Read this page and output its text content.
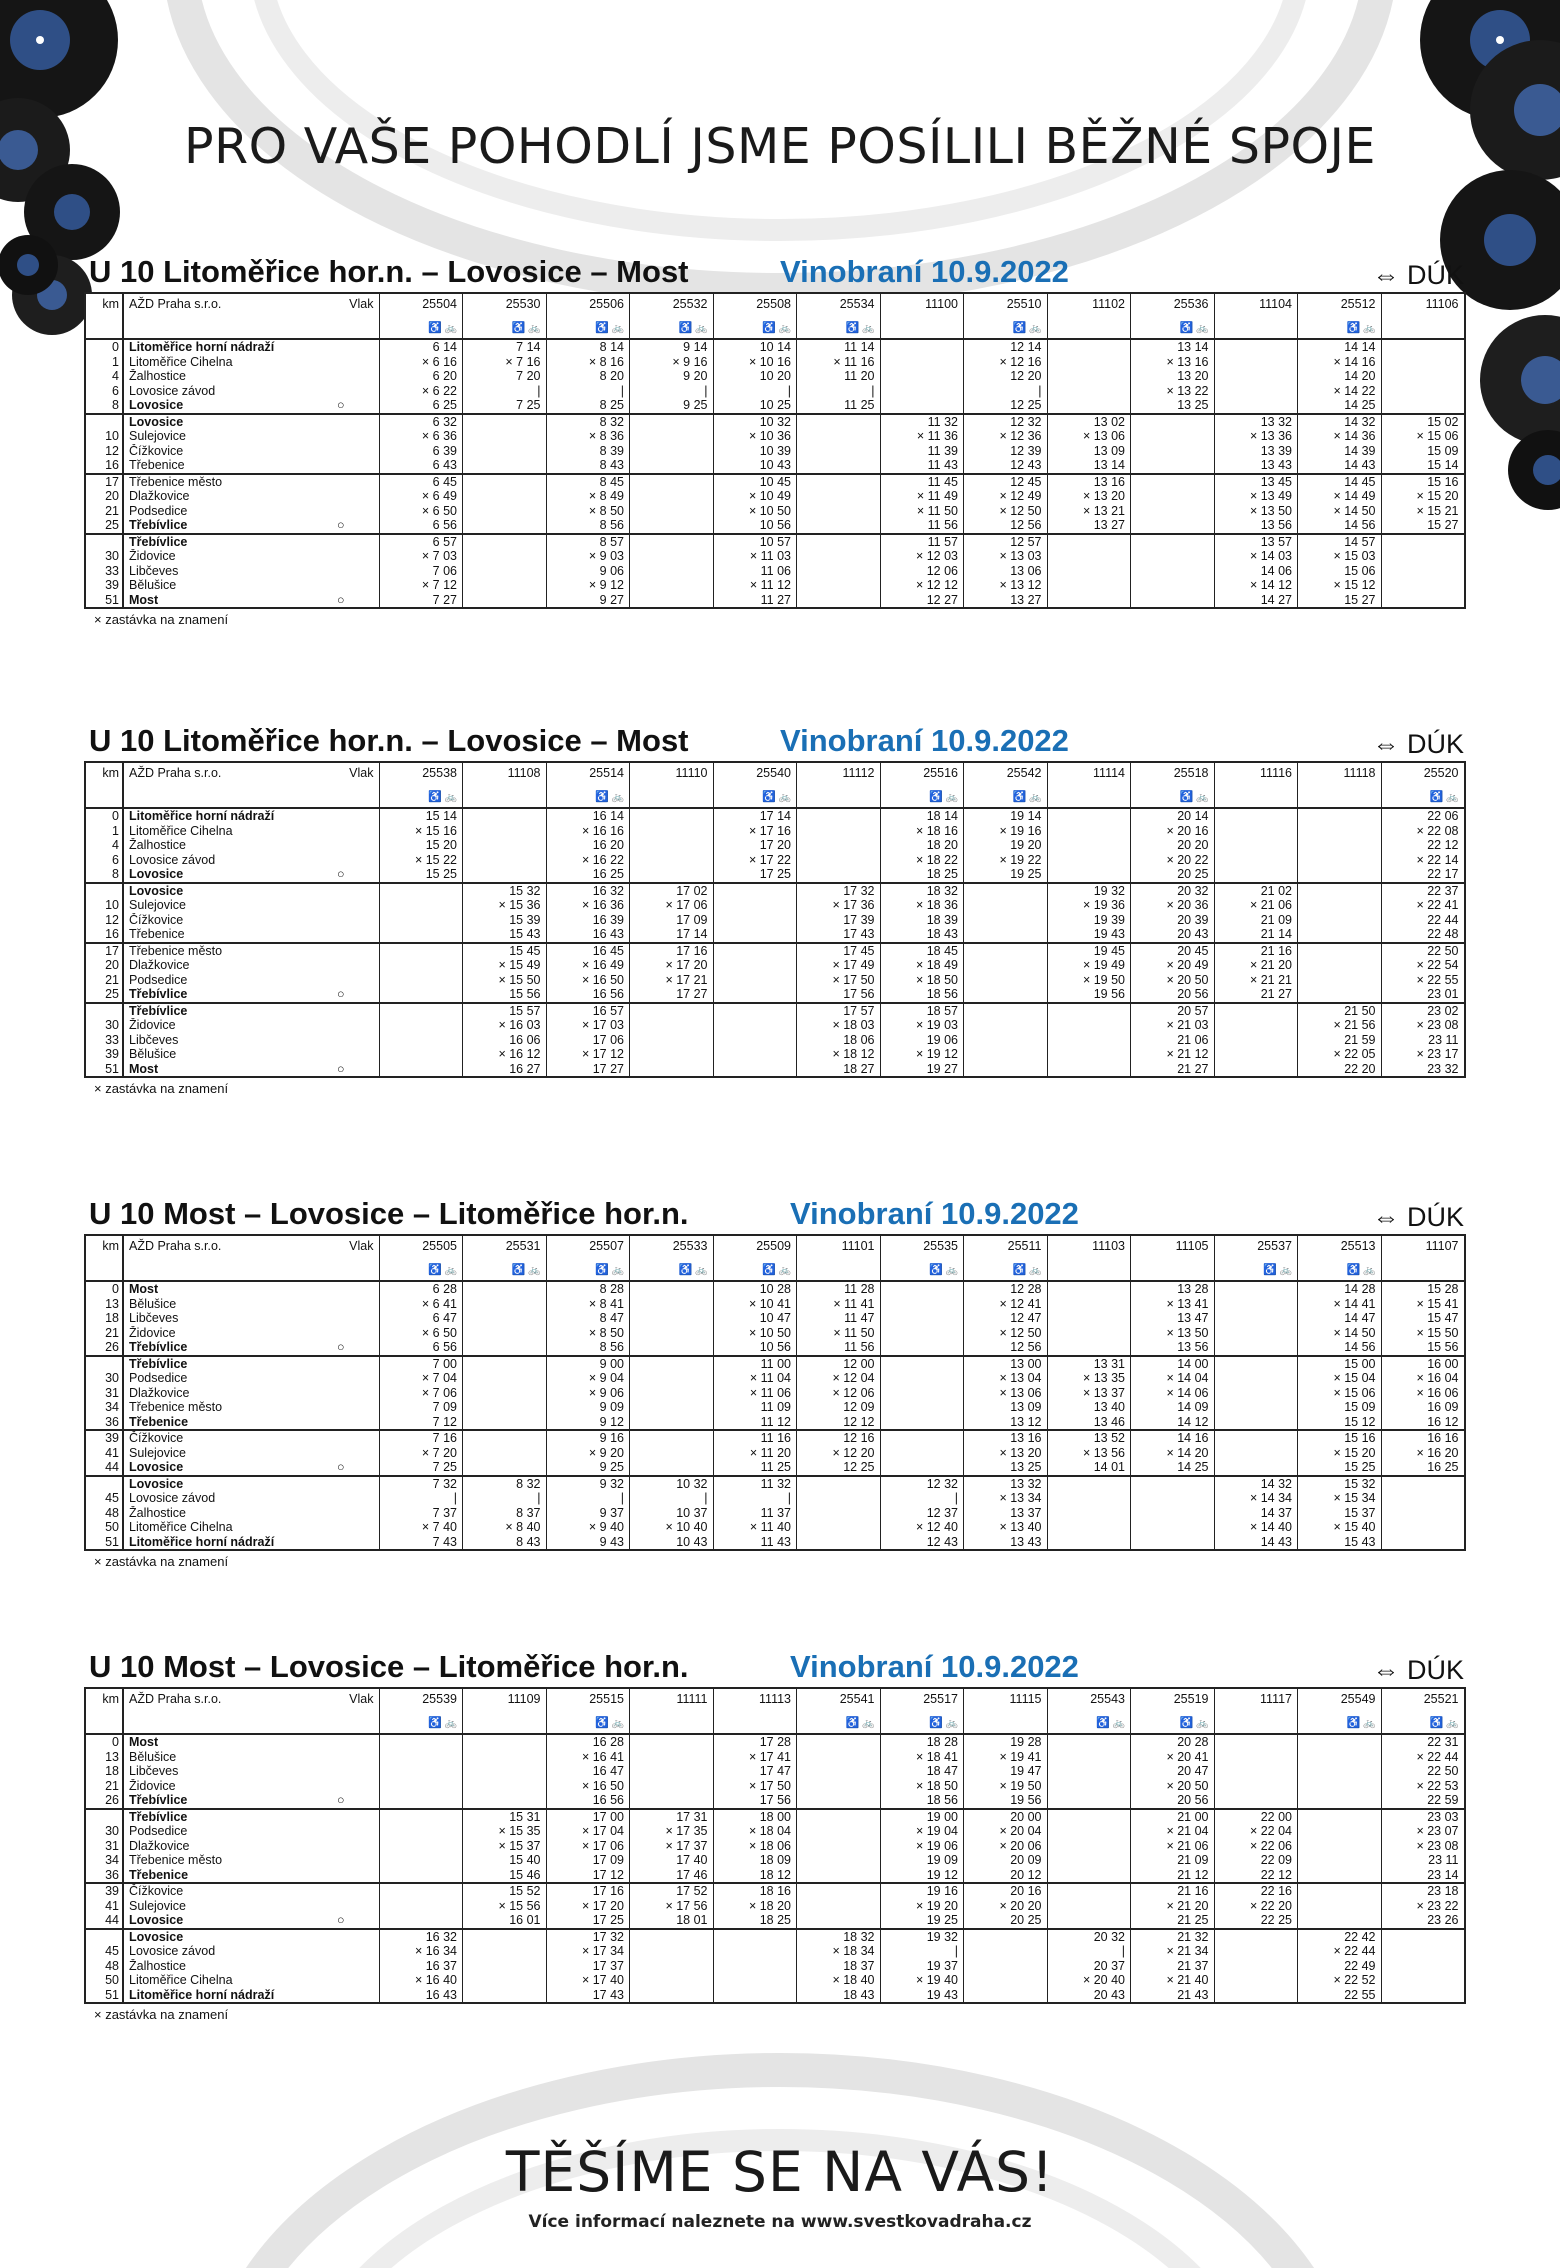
PRO VAŠE POHODLÍ JSME POSÍLILI BĚŽNÉ SPOJE
U 10 Litoměřice hor.n. – Lovosice – Most	Vinobraní 10.9.2022	⇔ DÚK
km	AŽD Praha s.r.o.	Vlak	25504	25530	25506	25532	25508	25534	11100	25510	11102	25536	11104	25512	11106
			♿ 🚲	♿ 🚲	♿ 🚲	♿ 🚲	♿ 🚲	♿ 🚲		♿ 🚲		♿ 🚲		♿ 🚲	
0	Litoměřice horní nádraží		6 14	7 14	8 14	9 14	10 14	11 14		12 14		13 14		14 14	
1	Litoměřice Cihelna		× 6 16	× 7 16	× 8 16	× 9 16	× 10 16	× 11 16		× 12 16		× 13 16		× 14 16	
4	Žalhostice		6 20	7 20	8 20	9 20	10 20	11 20		12 20		13 20		14 20	
6	Lovosice závod		× 6 22	|	|	|	|	|		|		× 13 22		× 14 22	
8	Lovosice	○	6 25	7 25	8 25	9 25	10 25	11 25		12 25		13 25		14 25	
	Lovosice		6 32		8 32		10 32		11 32	12 32	13 02		13 32	14 32	15 02
10	Sulejovice		× 6 36		× 8 36		× 10 36		× 11 36	× 12 36	× 13 06		× 13 36	× 14 36	× 15 06
12	Čížkovice		6 39		8 39		10 39		11 39	12 39	13 09		13 39	14 39	15 09
16	Třebenice		6 43		8 43		10 43		11 43	12 43	13 14		13 43	14 43	15 14
17	Třebenice město		6 45		8 45		10 45		11 45	12 45	13 16		13 45	14 45	15 16
20	Dlažkovice		× 6 49		× 8 49		× 10 49		× 11 49	× 12 49	× 13 20		× 13 49	× 14 49	× 15 20
21	Podsedice		× 6 50		× 8 50		× 10 50		× 11 50	× 12 50	× 13 21		× 13 50	× 14 50	× 15 21
25	Třebívlice	○	6 56		8 56		10 56		11 56	12 56	13 27		13 56	14 56	15 27
	Třebívlice		6 57		8 57		10 57		11 57	12 57			13 57	14 57	
30	Židovice		× 7 03		× 9 03		× 11 03		× 12 03	× 13 03			× 14 03	× 15 03	
33	Libčeves		7 06		9 06		11 06		12 06	13 06			14 06	15 06	
39	Bělušice		× 7 12		× 9 12		× 11 12		× 12 12	× 13 12			× 14 12	× 15 12	
51	Most	○	7 27		9 27		11 27		12 27	13 27			14 27	15 27	
× zastávka na znamení
U 10 Litoměřice hor.n. – Lovosice – Most	Vinobraní 10.9.2022	⇔ DÚK
km	AŽD Praha s.r.o.	Vlak	25538	11108	25514	11110	25540	11112	25516	25542	11114	25518	11116	11118	25520
			♿ 🚲		♿ 🚲		♿ 🚲		♿ 🚲	♿ 🚲		♿ 🚲			♿ 🚲
0	Litoměřice horní nádraží		15 14		16 14		17 14		18 14	19 14		20 14			22 06
1	Litoměřice Cihelna		× 15 16		× 16 16		× 17 16		× 18 16	× 19 16		× 20 16			× 22 08
4	Žalhostice		15 20		16 20		17 20		18 20	19 20		20 20			22 12
6	Lovosice závod		× 15 22		× 16 22		× 17 22		× 18 22	× 19 22		× 20 22			× 22 14
8	Lovosice	○	15 25		16 25		17 25		18 25	19 25		20 25			22 17
	Lovosice			15 32	16 32	17 02		17 32	18 32		19 32	20 32	21 02		22 37
10	Sulejovice			× 15 36	× 16 36	× 17 06		× 17 36	× 18 36		× 19 36	× 20 36	× 21 06		× 22 41
12	Čížkovice			15 39	16 39	17 09		17 39	18 39		19 39	20 39	21 09		22 44
16	Třebenice			15 43	16 43	17 14		17 43	18 43		19 43	20 43	21 14		22 48
17	Třebenice město			15 45	16 45	17 16		17 45	18 45		19 45	20 45	21 16		22 50
20	Dlažkovice			× 15 49	× 16 49	× 17 20		× 17 49	× 18 49		× 19 49	× 20 49	× 21 20		× 22 54
21	Podsedice			× 15 50	× 16 50	× 17 21		× 17 50	× 18 50		× 19 50	× 20 50	× 21 21		× 22 55
25	Třebívlice	○		15 56	16 56	17 27		17 56	18 56		19 56	20 56	21 27		23 01
	Třebívlice			15 57	16 57			17 57	18 57			20 57		21 50	23 02
30	Židovice			× 16 03	× 17 03			× 18 03	× 19 03			× 21 03		× 21 56	× 23 08
33	Libčeves			16 06	17 06			18 06	19 06			21 06		21 59	23 11
39	Bělušice			× 16 12	× 17 12			× 18 12	× 19 12			× 21 12		× 22 05	× 23 17
51	Most	○		16 27	17 27			18 27	19 27			21 27		22 20	23 32
× zastávka na znamení
U 10 Most – Lovosice – Litoměřice hor.n.	Vinobraní 10.9.2022	⇔ DÚK
km	AŽD Praha s.r.o.	Vlak	25505	25531	25507	25533	25509	11101	25535	25511	11103	11105	25537	25513	11107
			♿ 🚲	♿ 🚲	♿ 🚲	♿ 🚲	♿ 🚲		♿ 🚲	♿ 🚲			♿ 🚲	♿ 🚲	
0	Most		6 28		8 28		10 28	11 28		12 28		13 28		14 28	15 28
13	Bělušice		× 6 41		× 8 41		× 10 41	× 11 41		× 12 41		× 13 41		× 14 41	× 15 41
18	Libčeves		6 47		8 47		10 47	11 47		12 47		13 47		14 47	15 47
21	Židovice		× 6 50		× 8 50		× 10 50	× 11 50		× 12 50		× 13 50		× 14 50	× 15 50
26	Třebívlice	○	6 56		8 56		10 56	11 56		12 56		13 56		14 56	15 56
	Třebívlice		7 00		9 00		11 00	12 00		13 00	13 31	14 00		15 00	16 00
30	Podsedice		× 7 04		× 9 04		× 11 04	× 12 04		× 13 04	× 13 35	× 14 04		× 15 04	× 16 04
31	Dlažkovice		× 7 06		× 9 06		× 11 06	× 12 06		× 13 06	× 13 37	× 14 06		× 15 06	× 16 06
34	Třebenice město		7 09		9 09		11 09	12 09		13 09	13 40	14 09		15 09	16 09
36	Třebenice		7 12		9 12		11 12	12 12		13 12	13 46	14 12		15 12	16 12
39	Čížkovice		7 16		9 16		11 16	12 16		13 16	13 52	14 16		15 16	16 16
41	Sulejovice		× 7 20		× 9 20		× 11 20	× 12 20		× 13 20	× 13 56	× 14 20		× 15 20	× 16 20
44	Lovosice	○	7 25		9 25		11 25	12 25		13 25	14 01	14 25		15 25	16 25
	Lovosice		7 32	8 32	9 32	10 32	11 32		12 32	13 32			14 32	15 32	
45	Lovosice závod		|	|	|	|	|		|	× 13 34			× 14 34	× 15 34	
48	Žalhostice		7 37	8 37	9 37	10 37	11 37		12 37	13 37			14 37	15 37	
50	Litoměřice Cihelna		× 7 40	× 8 40	× 9 40	× 10 40	× 11 40		× 12 40	× 13 40			× 14 40	× 15 40	
51	Litoměřice horní nádraží		7 43	8 43	9 43	10 43	11 43		12 43	13 43			14 43	15 43	
× zastávka na znamení
U 10 Most – Lovosice – Litoměřice hor.n.	Vinobraní 10.9.2022	⇔ DÚK
km	AŽD Praha s.r.o.	Vlak	25539	11109	25515	11111	11113	25541	25517	11115	25543	25519	11117	25549	25521
			♿ 🚲		♿ 🚲			♿ 🚲	♿ 🚲		♿ 🚲	♿ 🚲		♿ 🚲	♿ 🚲
0	Most				16 28		17 28		18 28	19 28		20 28			22 31
13	Bělušice				× 16 41		× 17 41		× 18 41	× 19 41		× 20 41			× 22 44
18	Libčeves				16 47		17 47		18 47	19 47		20 47			22 50
21	Židovice				× 16 50		× 17 50		× 18 50	× 19 50		× 20 50			× 22 53
26	Třebívlice	○			16 56		17 56		18 56	19 56		20 56			22 59
	Třebívlice			15 31	17 00	17 31	18 00		19 00	20 00		21 00	22 00		23 03
30	Podsedice			× 15 35	× 17 04	× 17 35	× 18 04		× 19 04	× 20 04		× 21 04	× 22 04		× 23 07
31	Dlažkovice			× 15 37	× 17 06	× 17 37	× 18 06		× 19 06	× 20 06		× 21 06	× 22 06		× 23 08
34	Třebenice město			15 40	17 09	17 40	18 09		19 09	20 09		21 09	22 09		23 11
36	Třebenice			15 46	17 12	17 46	18 12		19 12	20 12		21 12	22 12		23 14
39	Čížkovice			15 52	17 16	17 52	18 16		19 16	20 16		21 16	22 16		23 18
41	Sulejovice			× 15 56	× 17 20	× 17 56	× 18 20		× 19 20	× 20 20		× 21 20	× 22 20		× 23 22
44	Lovosice	○		16 01	17 25	18 01	18 25		19 25	20 25		21 25	22 25		23 26
	Lovosice		16 32		17 32			18 32	19 32		20 32	21 32		22 42	
45	Lovosice závod		× 16 34		× 17 34			× 18 34	|		|	× 21 34		× 22 44	
48	Žalhostice		16 37		17 37			18 37	19 37		20 37	21 37		22 49	
50	Litoměřice Cihelna		× 16 40		× 17 40			× 18 40	× 19 40		× 20 40	× 21 40		× 22 52	
51	Litoměřice horní nádraží		16 43		17 43			18 43	19 43		20 43	21 43		22 55	
× zastávka na znamení
TĚŠÍME SE NA VÁS!
Více informací naleznete na www.svestkovadraha.cz
